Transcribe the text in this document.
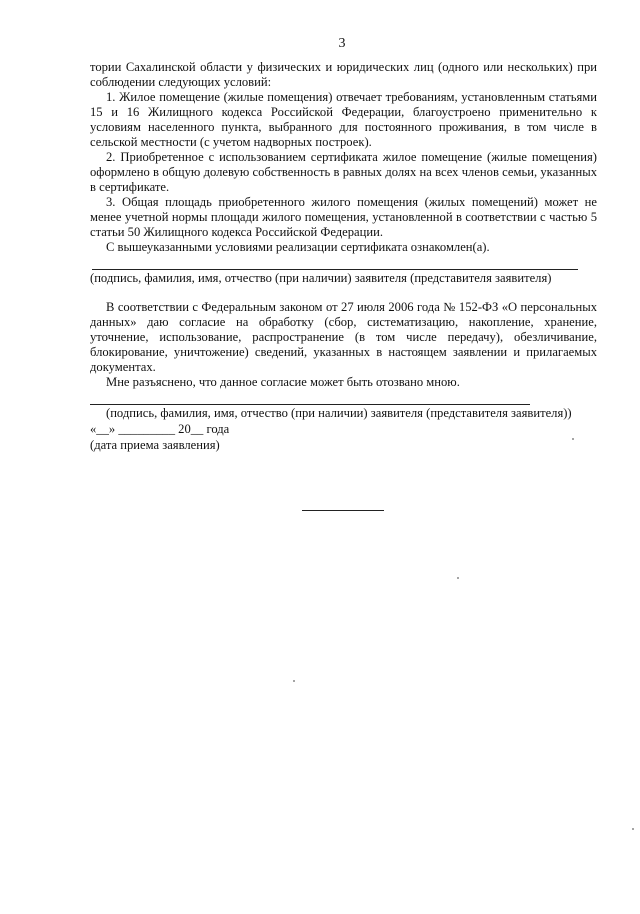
3

тории Сахалинской области у физических и юридических лиц (одного или нескольких) при соблюдении следующих условий:

1. Жилое помещение (жилые помещения) отвечает требованиям, установленным статьями 15 и 16 Жилищного кодекса Российской Федерации, благоустроено применительно к условиям населенного пункта, выбранного для постоянного проживания, в том числе в сельской местности (с учетом надворных построек).

2. Приобретенное с использованием сертификата жилое помещение (жилые помещения) оформлено в общую долевую собственность в равных долях на всех членов семьи, указанных в сертификате.

3. Общая площадь приобретенного жилого помещения (жилых помещений) может не менее учетной нормы площади жилого помещения, установленной в соответствии с частью 5 статьи 50 Жилищного кодекса Российской Федерации.

С вышеуказанными условиями реализации сертификата ознакомлен(а).

(подпись, фамилия, имя, отчество (при наличии) заявителя (представителя заявителя)

В соответствии с Федеральным законом от 27 июля 2006 года № 152-ФЗ «О персональных данных» даю согласие на обработку (сбор, систематизацию, накопление, хранение, уточнение, использование, распространение (в том числе передачу), обезличивание, блокирование, уничтожение) сведений, указанных в настоящем заявлении и прилагаемых документах.

Мне разъяснено, что данное согласие может быть отозвано мною.

(подпись, фамилия, имя, отчество (при наличии) заявителя (представителя заявителя))
«__» _________ 20__ года
(дата приема заявления)
